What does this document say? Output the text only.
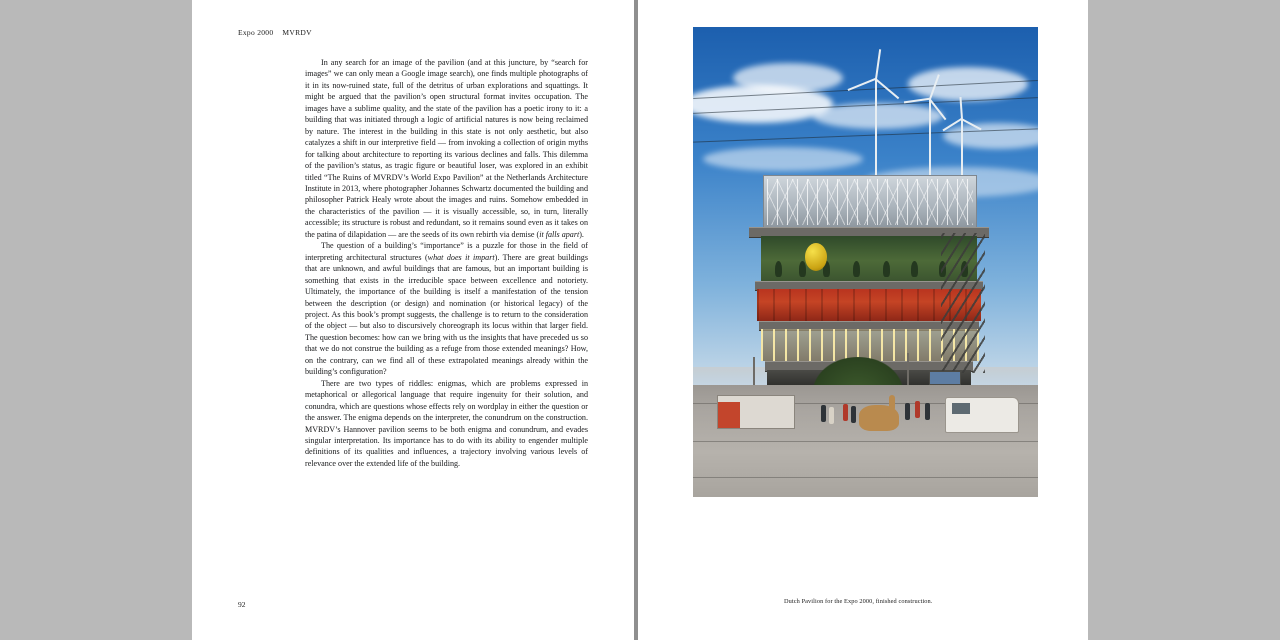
Expo 2000 MVRDV

In any search for an image of the pavilion (and at this juncture, by “search for images” we can only mean a Google image search), one finds multiple photographs of it in its now-ruined state, full of the detritus of urban explorations and squattings. It might be argued that the pavilion’s open structural format invites occupation. The images have a sublime quality, and the state of the pavilion has a poetic irony to it: a building that was initiated through a logic of artificial natures is now being reclaimed by nature. The interest in the building in this state is not only aesthetic, but also catalyzes a shift in our interpretive field — from invoking a collection of origin myths for talking about architecture to reporting its various declines and falls. This dilemma of the pavilion’s status, as tragic figure or beautiful loser, was explored in an exhibit titled “The Ruins of MVRDV’s World Expo Pavilion” at the Netherlands Architecture Institute in 2013, where photographer Johannes Schwartz documented the building and philosopher Patrick Healy wrote about the images and ruins. Somehow embedded in the characteristics of the pavilion — it is visually accessible, so, in turn, literally accessible; its structure is robust and redundant, so it remains sound even as it takes on the patina of dilapidation — are the seeds of its own rebirth via demise (it falls apart).

The question of a building’s “importance” is a puzzle for those in the field of interpreting architectural structures (what does it impart). There are great buildings that are unknown, and awful buildings that are famous, but an important building is something that exists in the irreducible space between excellence and notoriety. Ultimately, the importance of the building is itself a manifestation of the tension between the description (or design) and nomination (or historical legacy) of the project. As this book’s prompt suggests, the challenge is to return to the consideration of the object — but also to discursively choreograph its locus within that larger field. The question becomes: how can we bring with us the insights that have preceded us so that we do not construe the building as a refuge from those extended meanings? How, on the contrary, can we find all of these extrapolated meanings already within the building’s configuration?

There are two types of riddles: enigmas, which are problems expressed in metaphorical or allegorical language that require ingenuity for their solution, and conundra, which are questions whose effects rely on wordplay in either the question or the answer. The enigma depends on the interpreter, the conundrum on the construction. MVRDV’s Hannover pavilion seems to be both enigma and conundrum, and evades singular interpretation. Its importance has to do with its ability to engender multiple definitions of its qualities and influences, a trajectory involving various levels of relevance over the extended life of the building.

92	Dutch Pavilion for the Expo 2000, finished construction.
